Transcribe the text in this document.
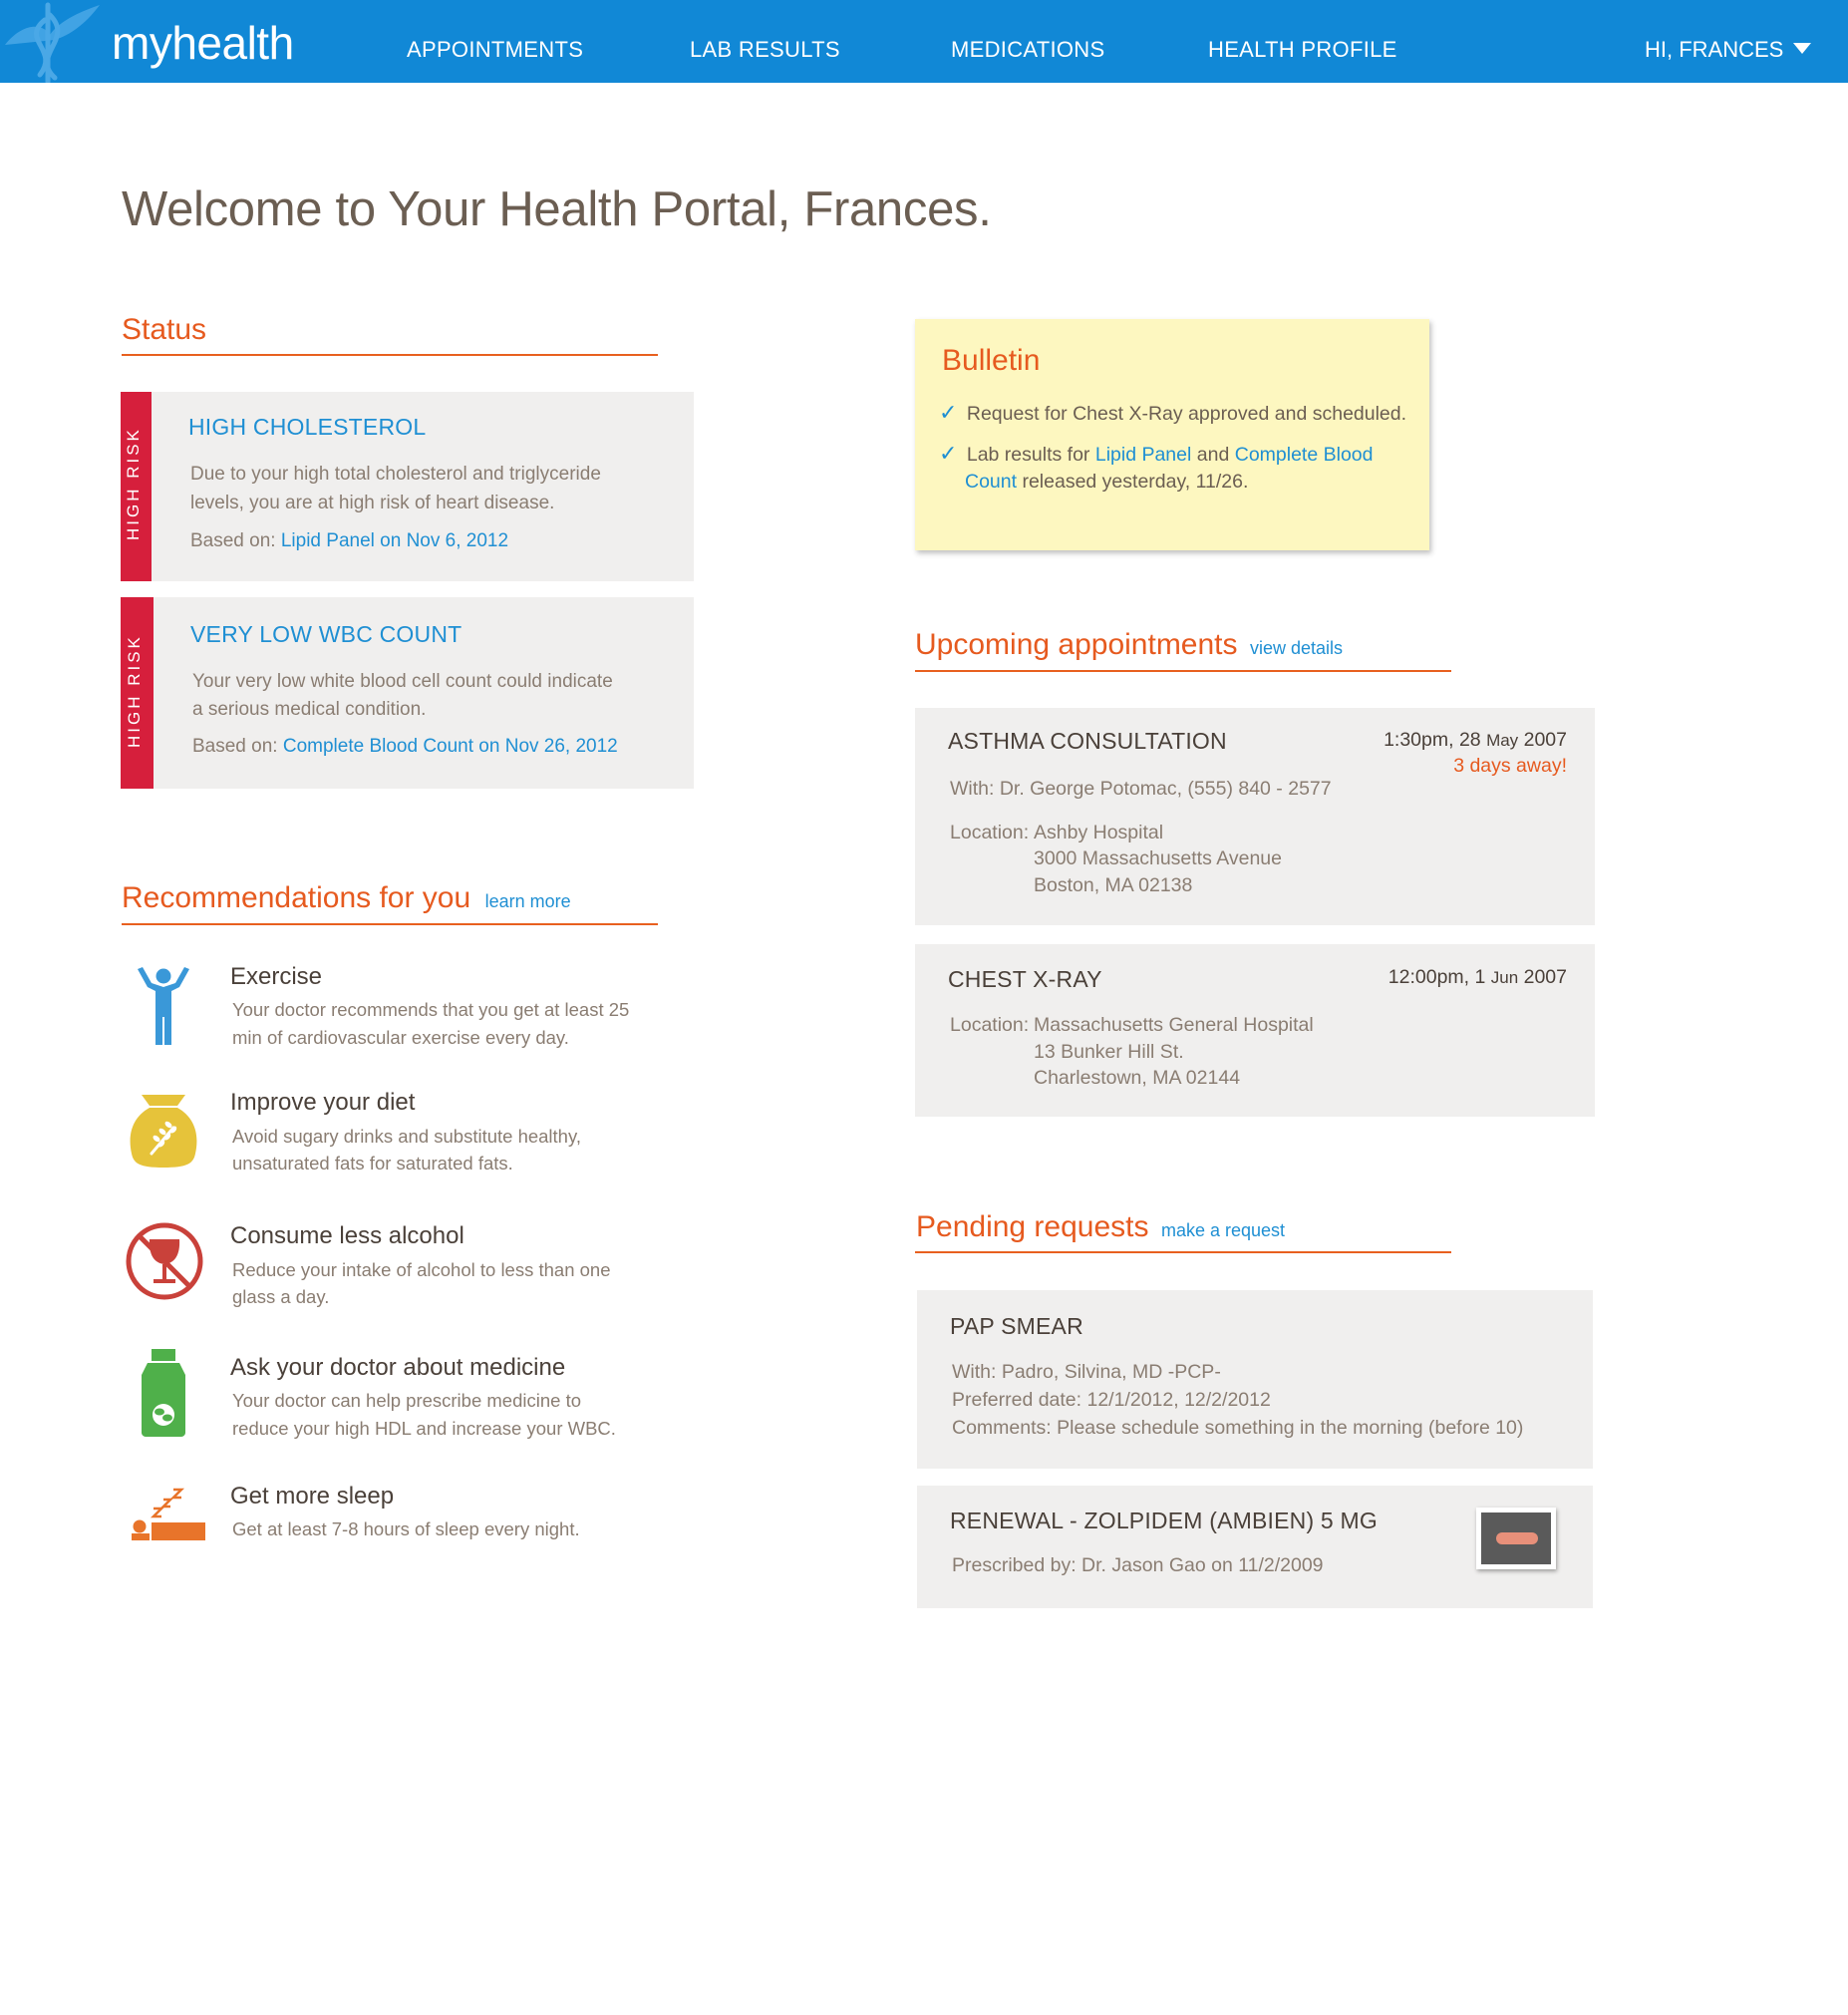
myhealth	APPOINTMENTS	LAB RESULTS	MEDICATIONS	HEALTH PROFILE	HI, FRANCES
Welcome to Your Health Portal, Frances.
Status
HIGH RISK
HIGH CHOLESTEROL
Due to your high total cholesterol and triglyceride
levels, you are at high risk of heart disease.
Based on: Lipid Panel on Nov 6, 2012
HIGH RISK
VERY LOW WBC COUNT
Your very low white blood cell count could indicate
a serious medical condition.
Based on: Complete Blood Count on Nov 26, 2012
Recommendations for you learn more
Exercise
Your doctor recommends that you get at least 25
min of cardiovascular exercise every day.
Improve your diet
Avoid sugary drinks and substitute healthy,
unsaturated fats for saturated fats.
Consume less alcohol
Reduce your intake of alcohol to less than one
glass a day.
Ask your doctor about medicine
Your doctor can help prescribe medicine to
reduce your high HDL and increase your WBC.
Get more sleep
Get at least 7-8 hours of sleep every night.
Bulletin
✓ Request for Chest X-Ray approved and scheduled.
✓ Lab results for Lipid Panel and Complete Blood
Count released yesterday, 11/26.
Upcoming appointments view details
ASTHMA CONSULTATION	1:30pm, 28 May 2007
3 days away!
With: Dr. George Potomac, (555) 840 - 2577
Location: Ashby Hospital
3000 Massachusetts Avenue
Boston, MA 02138
CHEST X-RAY	12:00pm, 1 Jun 2007
Location: Massachusetts General Hospital
13 Bunker Hill St.
Charlestown, MA 02144
Pending requests make a request
PAP SMEAR
With: Padro, Silvina, MD -PCP-
Preferred date: 12/1/2012, 12/2/2012
Comments: Please schedule something in the morning (before 10)
RENEWAL - ZOLPIDEM (AMBIEN) 5 MG
Prescribed by: Dr. Jason Gao on 11/2/2009
